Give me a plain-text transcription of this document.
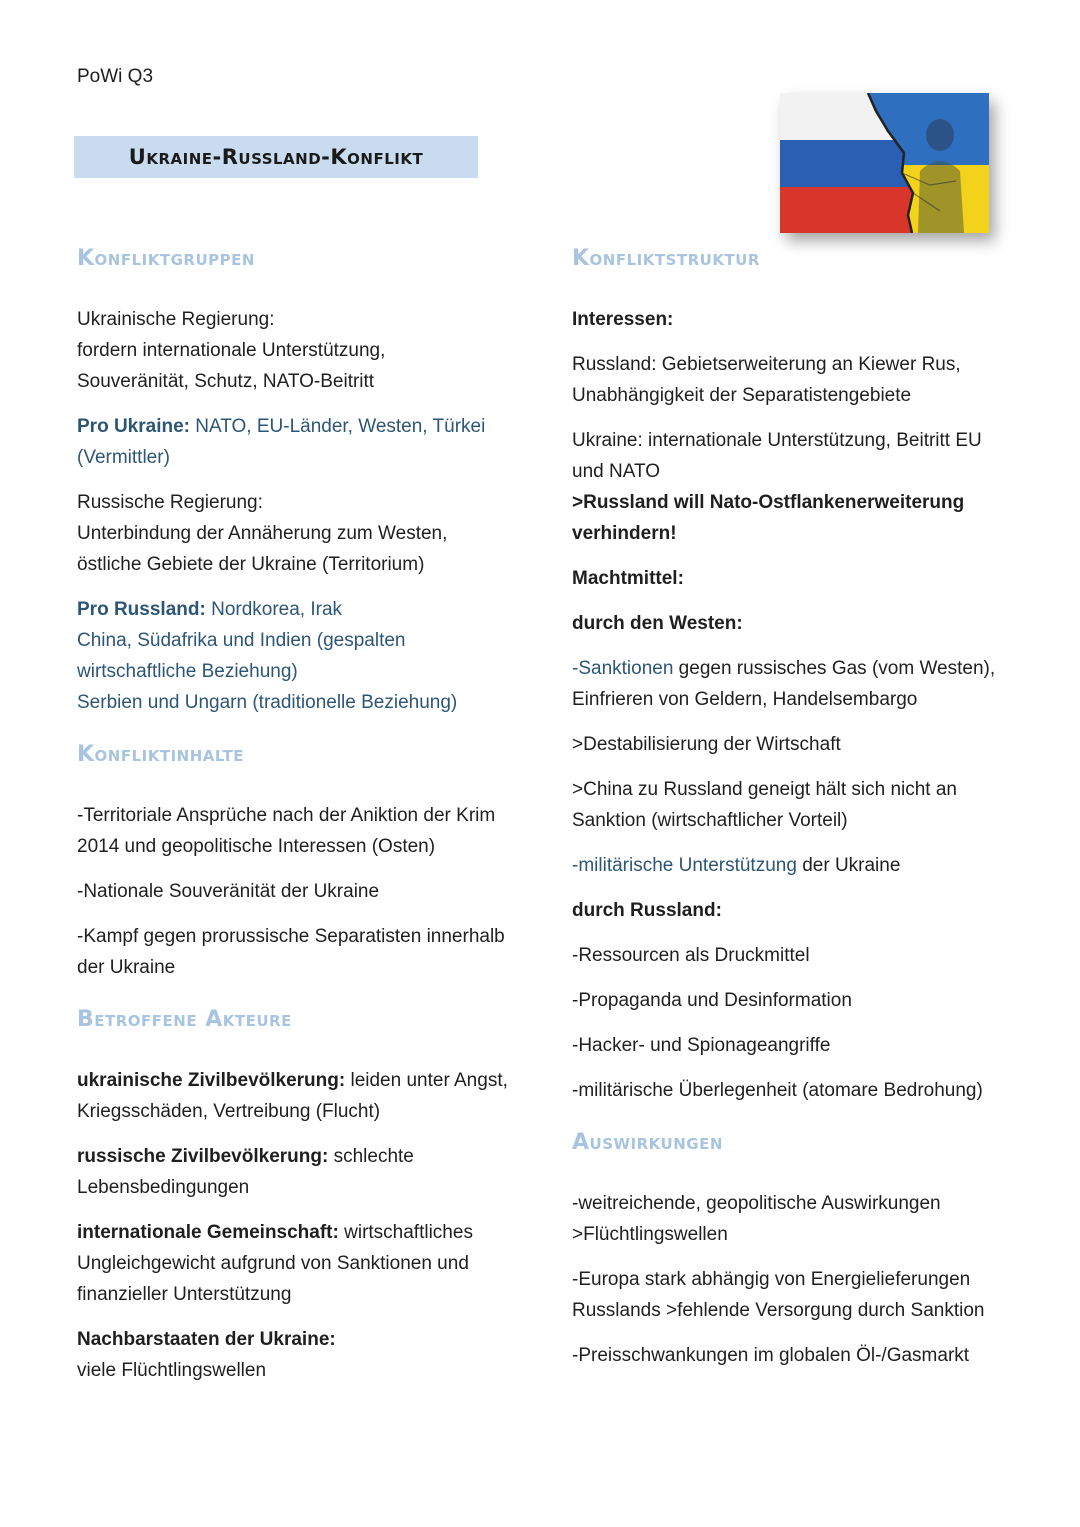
PoWi Q3
Ukraine-Russland-Konflikt
Konfliktgruppen

Ukrainische Regierung:
fordern internationale Unterstützung,
Souveränität, Schutz, NATO-Beitritt

Pro Ukraine: NATO, EU-Länder, Westen, Türkei (Vermittler)

Russische Regierung:
Unterbindung der Annäherung zum Westen,
östliche Gebiete der Ukraine (Territorium)

Pro Russland: Nordkorea, Irak
China, Südafrika und Indien (gespalten wirtschaftliche Beziehung)
Serbien und Ungarn (traditionelle Beziehung)

Konfliktinhalte

-Territoriale Ansprüche nach der Aniktion der Krim 2014 und geopolitische Interessen (Osten)

-Nationale Souveränität der Ukraine

-Kampf gegen prorussische Separatisten innerhalb der Ukraine

Betroffene Akteure

ukrainische Zivilbevölkerung: leiden unter Angst, Kriegsschäden, Vertreibung (Flucht)

russische Zivilbevölkerung: schlechte Lebensbedingungen

internationale Gemeinschaft: wirtschaftliches Ungleichgewicht aufgrund von Sanktionen und finanzieller Unterstützung

Nachbarstaaten der Ukraine:
viele Flüchtlingswellen

Konfliktstruktur

Interessen:

Russland: Gebietserweiterung an Kiewer Rus, Unabhängigkeit der Separatistengebiete

Ukraine: internationale Unterstützung, Beitritt EU und NATO
>Russland will Nato-Ostflankenerweiterung verhindern!

Machtmittel:

durch den Westen:

-Sanktionen gegen russisches Gas (vom Westen), Einfrieren von Geldern, Handelsembargo

>Destabilisierung der Wirtschaft

>China zu Russland geneigt hält sich nicht an Sanktion (wirtschaftlicher Vorteil)

-militärische Unterstützung der Ukraine

durch Russland:

-Ressourcen als Druckmittel

-Propaganda und Desinformation

-Hacker- und Spionageangriffe

-militärische Überlegenheit (atomare Bedrohung)

Auswirkungen

-weitreichende, geopolitische Auswirkungen >Flüchtlingswellen

-Europa stark abhängig von Energielieferungen Russlands >fehlende Versorgung durch Sanktion

-Preisschwankungen im globalen Öl-/Gasmarkt
